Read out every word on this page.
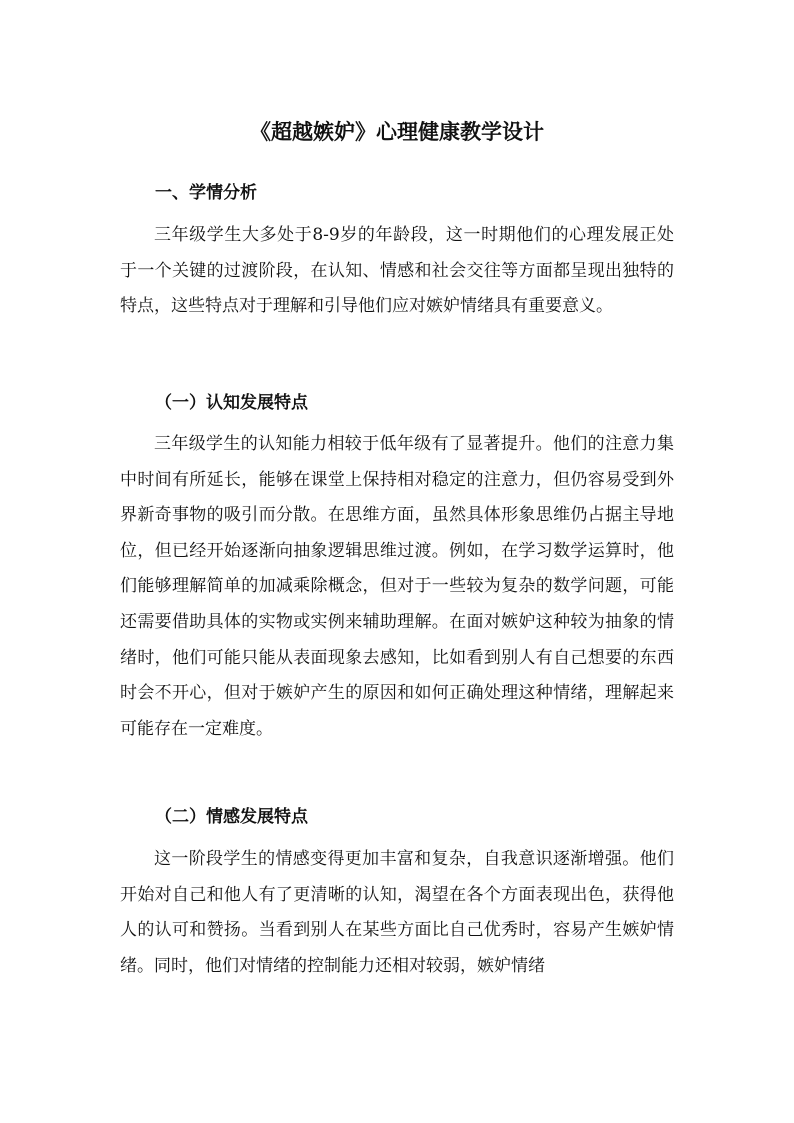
《超越嫉妒》心理健康教学设计
一、学情分析

三年级学生大多处于8-9岁的年龄段，这一时期他们的心理发展正处于一个关键的过渡阶段，在认知、情感和社会交往等方面都呈现出独特的特点，这些特点对于理解和引导他们应对嫉妒情绪具有重要意义。

（一）认知发展特点

三年级学生的认知能力相较于低年级有了显著提升。他们的注意力集中时间有所延长，能够在课堂上保持相对稳定的注意力，但仍容易受到外界新奇事物的吸引而分散。在思维方面，虽然具体形象思维仍占据主导地位，但已经开始逐渐向抽象逻辑思维过渡。例如，在学习数学运算时，他们能够理解简单的加减乘除概念，但对于一些较为复杂的数学问题，可能还需要借助具体的实物或实例来辅助理解。在面对嫉妒这种较为抽象的情绪时，他们可能只能从表面现象去感知，比如看到别人有自己想要的东西时会不开心，但对于嫉妒产生的原因和如何正确处理这种情绪，理解起来可能存在一定难度。

（二）情感发展特点

这一阶段学生的情感变得更加丰富和复杂，自我意识逐渐增强。他们开始对自己和他人有了更清晰的认知，渴望在各个方面表现出色，获得他人的认可和赞扬。当看到别人在某些方面比自己优秀时，容易产生嫉妒情绪。同时，他们对情绪的控制能力还相对较弱，嫉妒情绪
